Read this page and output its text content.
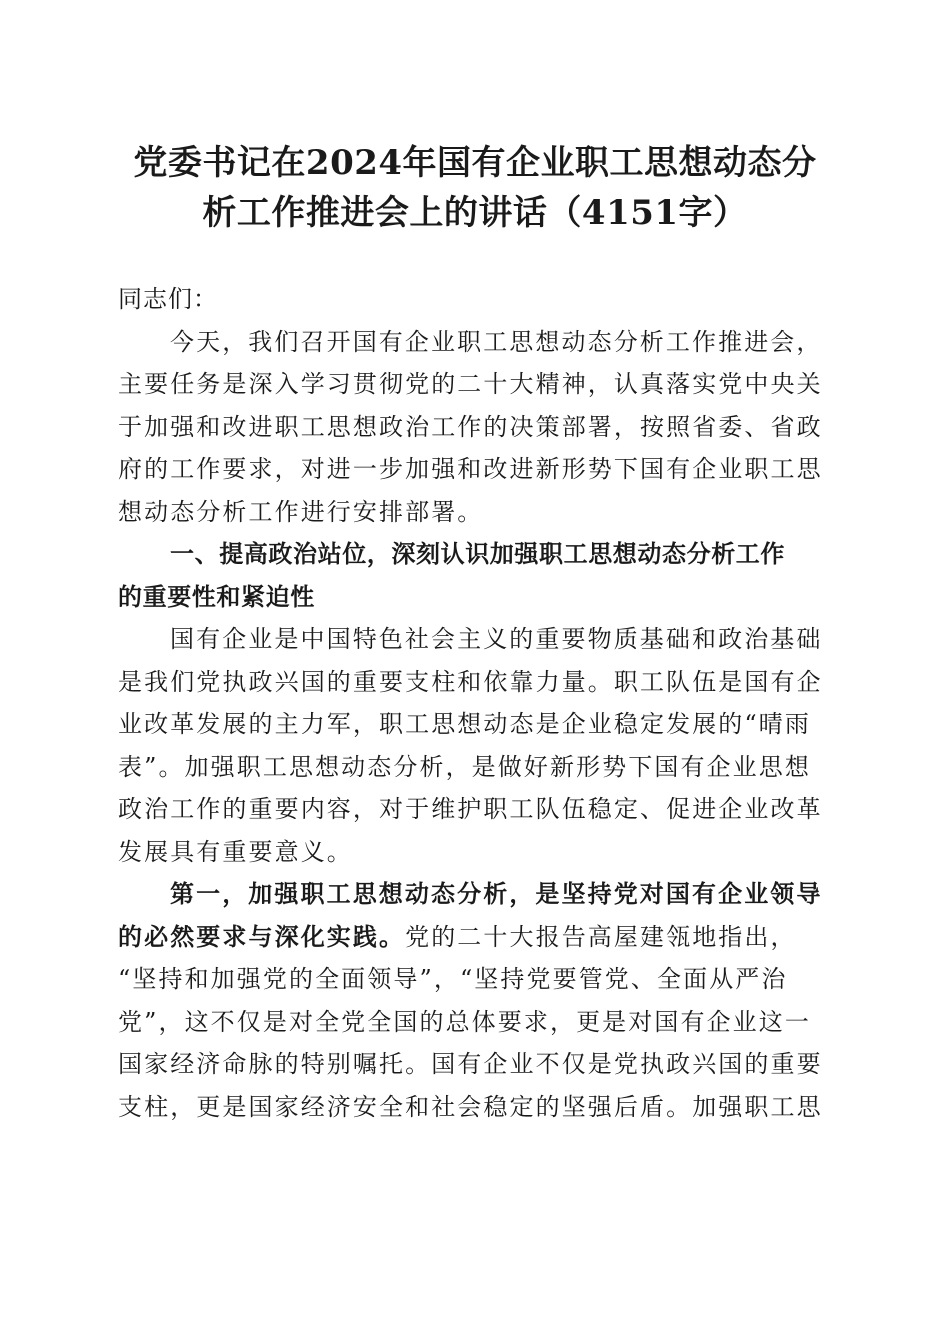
党委书记在2024年国有企业职工思想动态分
析工作推进会上的讲话（4151字）
同志们：
今天，我们召开国有企业职工思想动态分析工作推进会，
主要任务是深入学习贯彻党的二十大精神，认真落实党中央关
于加强和改进职工思想政治工作的决策部署，按照省委、省政
府的工作要求，对进一步加强和改进新形势下国有企业职工思
想动态分析工作进行安排部署。
一、提高政治站位，深刻认识加强职工思想动态分析工作
的重要性和紧迫性
国有企业是中国特色社会主义的重要物质基础和政治基础
是我们党执政兴国的重要支柱和依靠力量。职工队伍是国有企
业改革发展的主力军，职工思想动态是企业稳定发展的“晴雨
表”。加强职工思想动态分析，是做好新形势下国有企业思想
政治工作的重要内容，对于维护职工队伍稳定、促进企业改革
发展具有重要意义。
第一，加强职工思想动态分析，是坚持党对国有企业领导
的必然要求与深化实践。党的二十大报告高屋建瓴地指出，
“坚持和加强党的全面领导”，“坚持党要管党、全面从严治
党”，这不仅是对全党全国的总体要求，更是对国有企业这一
国家经济命脉的特别嘱托。国有企业不仅是党执政兴国的重要
支柱，更是国家经济安全和社会稳定的坚强后盾。加强职工思
